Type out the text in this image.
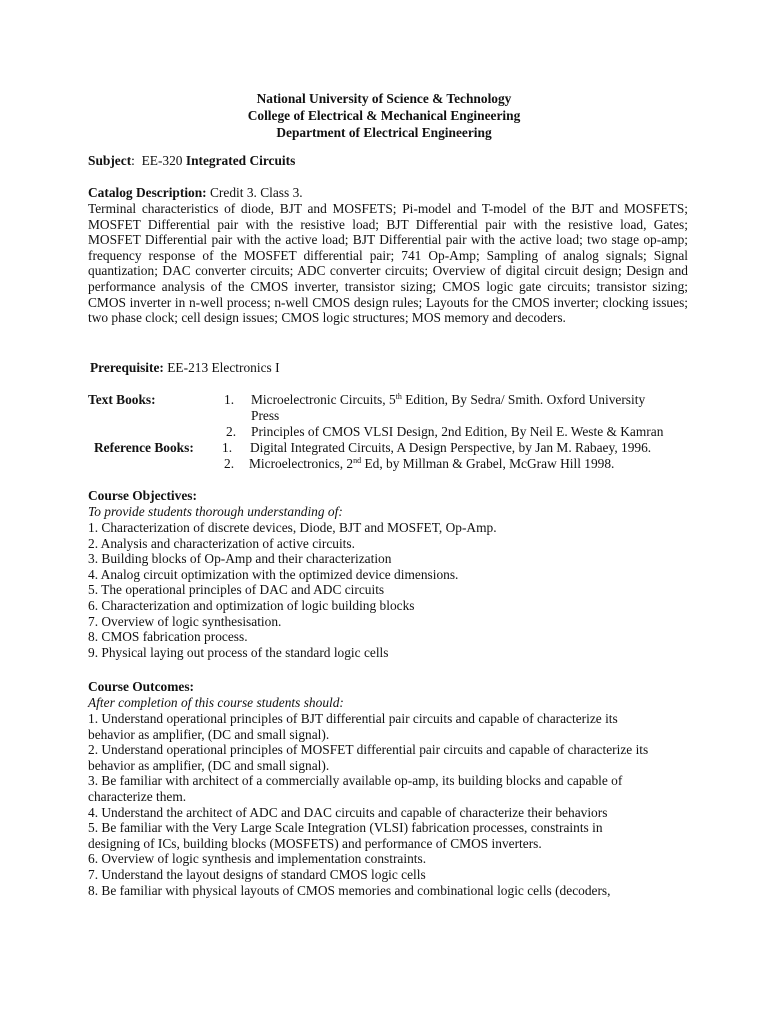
National University of Science & Technology
College of Electrical & Mechanical Engineering
Department of Electrical Engineering
Subject: EE-320 Integrated Circuits
Catalog Description: Credit 3. Class 3.
Terminal characteristics of diode, BJT and MOSFETS; Pi-model and T-model of the BJT and MOSFETS; MOSFET Differential pair with the resistive load; BJT Differential pair with the resistive load, Gates; MOSFET Differential pair with the active load; BJT Differential pair with the active load; two stage op-amp; frequency response of the MOSFET differential pair; 741 Op-Amp; Sampling of analog signals; Signal quantization; DAC converter circuits; ADC converter circuits; Overview of digital circuit design; Design and performance analysis of the CMOS inverter, transistor sizing; CMOS logic gate circuits; transistor sizing; CMOS inverter in n-well process; n-well CMOS design rules; Layouts for the CMOS inverter; clocking issues; two phase clock; cell design issues; CMOS logic structures; MOS memory and decoders.
Prerequisite: EE-213 Electronics I
Text Books:	1. Microelectronic Circuits, 5th Edition, By Sedra/ Smith. Oxford University
Press
2. Principles of CMOS VLSI Design, 2nd Edition, By Neil E. Weste & Kamran
Reference Books: 1. Digital Integrated Circuits, A Design Perspective, by Jan M. Rabaey, 1996.
2. Microelectronics, 2nd Ed, by Millman & Grabel, McGraw Hill 1998.
Course Objectives:
To provide students thorough understanding of:
1. Characterization of discrete devices, Diode, BJT and MOSFET, Op-Amp.
2. Analysis and characterization of active circuits.
3. Building blocks of Op-Amp and their characterization
4. Analog circuit optimization with the optimized device dimensions.
5. The operational principles of DAC and ADC circuits
6. Characterization and optimization of logic building blocks
7. Overview of logic synthesisation.
8. CMOS fabrication process.
9. Physical laying out process of the standard logic cells
Course Outcomes:
After completion of this course students should:
1. Understand operational principles of BJT differential pair circuits and capable of characterize its
behavior as amplifier, (DC and small signal).
2. Understand operational principles of MOSFET differential pair circuits and capable of characterize its
behavior as amplifier, (DC and small signal).
3. Be familiar with architect of a commercially available op-amp, its building blocks and capable of
characterize them.
4. Understand the architect of ADC and DAC circuits and capable of characterize their behaviors
5. Be familiar with the Very Large Scale Integration (VLSI) fabrication processes, constraints in
designing of ICs, building blocks (MOSFETS) and performance of CMOS inverters.
6. Overview of logic synthesis and implementation constraints.
7. Understand the layout designs of standard CMOS logic cells
8. Be familiar with physical layouts of CMOS memories and combinational logic cells (decoders,
